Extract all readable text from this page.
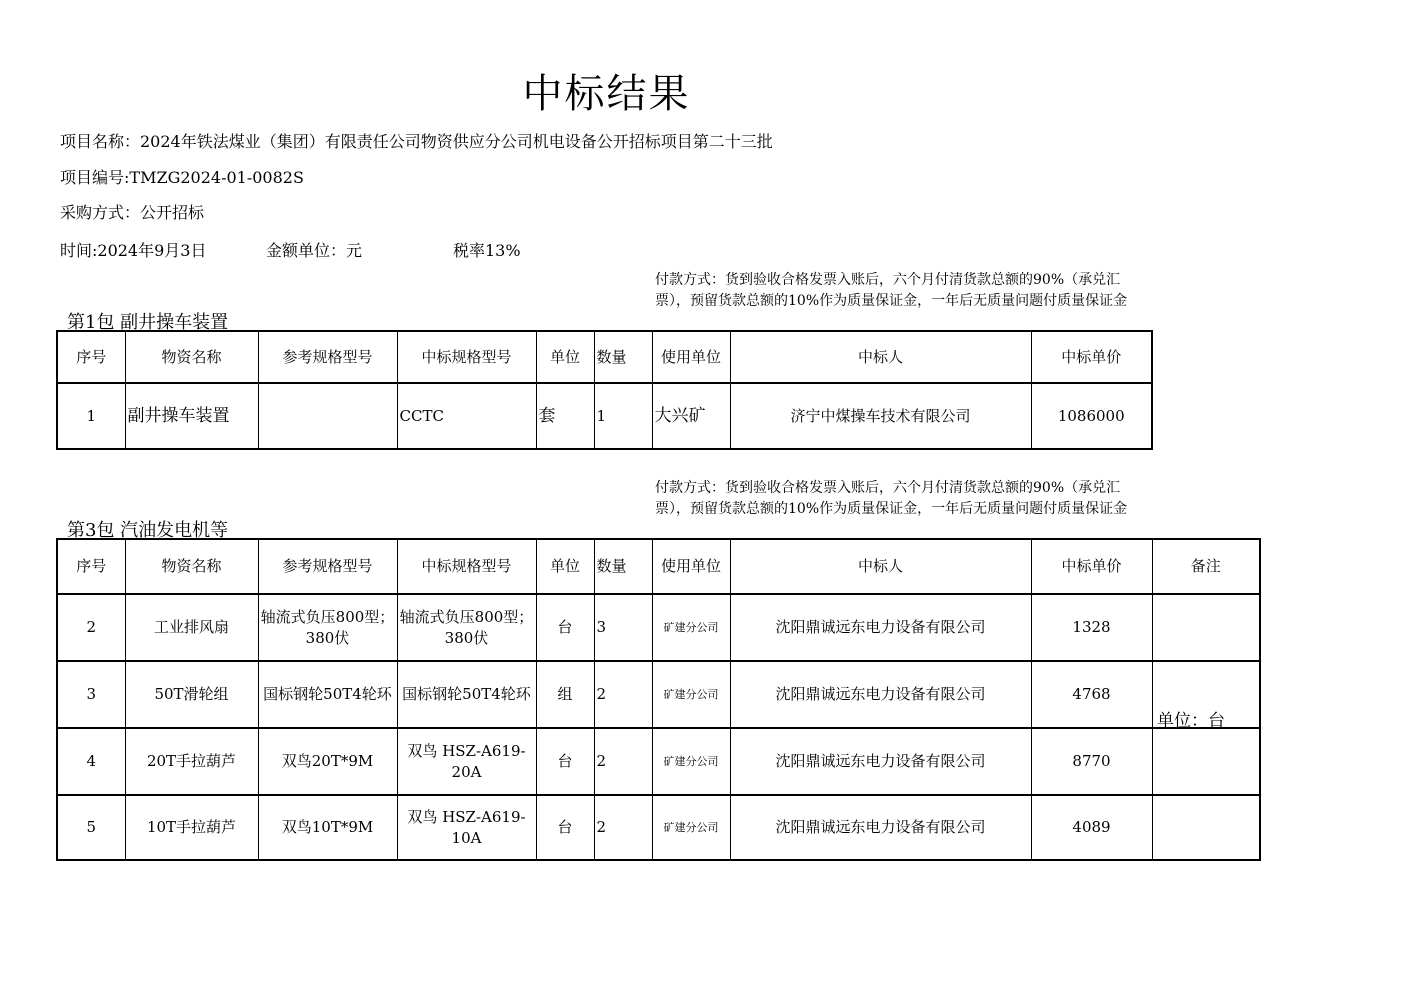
中标结果
项目名称：2024年铁法煤业（集团）有限责任公司物资供应分公司机电设备公开招标项目第二十三批
项目编号:TMZG2024-01-0082S
采购方式：公开招标
时间:2024年9月3日	金额单位：元	税率13%
付款方式：货到验收合格发票入账后，六个月付清货款总额的90%（承兑汇票），预留货款总额的10%作为质量保证金，一年后无质量问题付质量保证金
第1包 副井操车装置
序号	物资名称	参考规格型号	中标规格型号	单位	数量	使用单位	中标人	中标单价
1	副井操车装置		CCTC	套	1	大兴矿	济宁中煤操车技术有限公司	1086000
付款方式：货到验收合格发票入账后，六个月付清货款总额的90%（承兑汇票），预留货款总额的10%作为质量保证金，一年后无质量问题付质量保证金
第3包 汽油发电机等
序号	物资名称	参考规格型号	中标规格型号	单位	数量	使用单位	中标人	中标单价	备注
2	工业排风扇	轴流式负压800型；380伏	轴流式负压800型；380伏	台	3	矿建分公司	沈阳鼎诚远东电力设备有限公司	1328	
3	50T滑轮组	国标钢轮50T4轮环	国标钢轮50T4轮环	组	2	矿建分公司	沈阳鼎诚远东电力设备有限公司	4768	
4	20T手拉葫芦	双鸟20T*9M	双鸟 HSZ-A619-20A	台	2	矿建分公司	沈阳鼎诚远东电力设备有限公司	8770	
5	10T手拉葫芦	双鸟10T*9M	双鸟 HSZ-A619-10A	台	2	矿建分公司	沈阳鼎诚远东电力设备有限公司	4089	
单位：台
